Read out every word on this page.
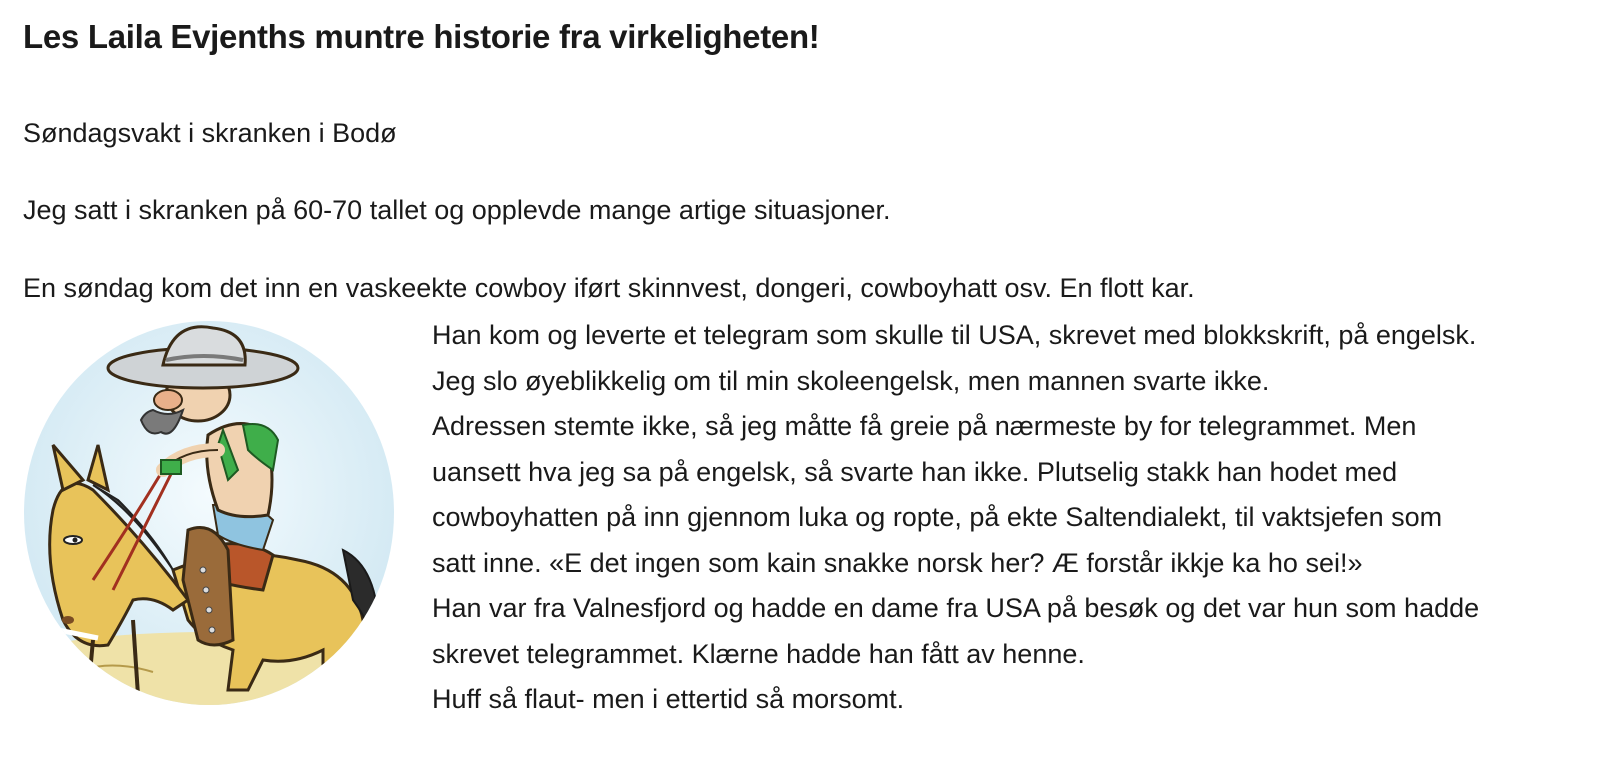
Les Laila Evjenths muntre historie fra virkeligheten!

Søndagsvakt i skranken i Bodø

Jeg satt i skranken på 60-70 tallet og opplevde mange artige situasjoner.

En søndag kom det inn en vaskeekte cowboy iført skinnvest, dongeri, cowboyhatt osv. En flott kar.

Han kom og leverte et telegram som skulle til USA, skrevet med blokkskrift, på engelsk.
Jeg slo øyeblikkelig om til min skoleengelsk, men mannen svarte ikke.
Adressen stemte ikke, så jeg måtte få greie på nærmeste by for telegrammet. Men
uansett hva jeg sa på engelsk, så svarte han ikke. Plutselig stakk han hodet med
cowboyhatten på inn gjennom luka og ropte, på ekte Saltendialekt, til vaktsjefen som
satt inne. «E det ingen som kain snakke norsk her? Æ forstår ikkje ka ho sei!»
Han var fra Valnesfjord og hadde en dame fra USA på besøk og det var hun som hadde
skrevet telegrammet. Klærne hadde han fått av henne.
Huff så flaut- men i ettertid så morsomt.
